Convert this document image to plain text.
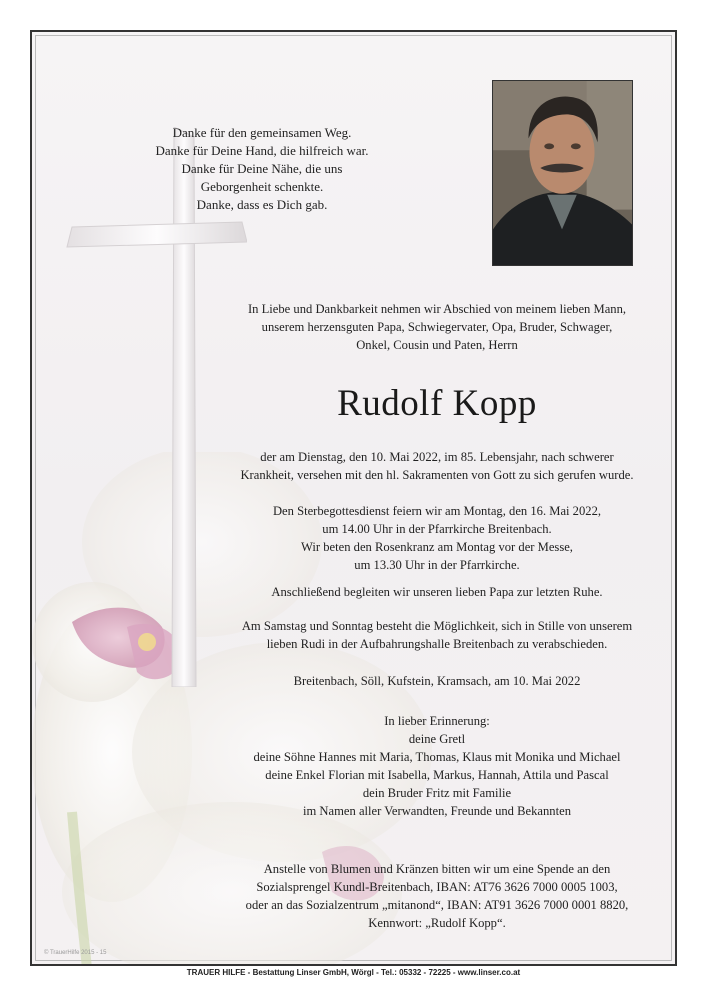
Danke für den gemeinsamen Weg.

Danke für Deine Hand, die hilfreich war.

Danke für Deine Nähe, die uns

Geborgenheit schenkte.

Danke, dass es Dich gab.

In Liebe und Dankbarkeit nehmen wir Abschied von meinem lieben Mann,

unserem herzensguten Papa, Schwiegervater, Opa, Bruder, Schwager,

Onkel, Cousin und Paten, Herrn

Rudolf Kopp

der am Dienstag, den 10. Mai 2022, im 85. Lebensjahr, nach schwerer

Krankheit, versehen mit den hl. Sakramenten von Gott zu sich gerufen wurde.

Den Sterbegottesdienst feiern wir am Montag, den 16. Mai 2022,

um 14.00 Uhr in der Pfarrkirche Breitenbach.

Wir beten den Rosenkranz am Montag vor der Messe,

um 13.30 Uhr in der Pfarrkirche.

Anschließend begleiten wir unseren lieben Papa zur letzten Ruhe.

Am Samstag und Sonntag besteht die Möglichkeit, sich in Stille von unserem

lieben Rudi in der Aufbahrungshalle Breitenbach zu verabschieden.

Breitenbach, Söll, Kufstein, Kramsach, am 10. Mai 2022

In lieber Erinnerung:

deine Gretl

deine Söhne Hannes mit Maria, Thomas, Klaus mit Monika und Michael

deine Enkel Florian mit Isabella, Markus, Hannah, Attila und Pascal

dein Bruder Fritz mit Familie

im Namen aller Verwandten, Freunde und Bekannten

Anstelle von Blumen und Kränzen bitten wir um eine Spende an den

Sozialsprengel Kundl-Breitenbach, IBAN: AT76 3626 7000 0005 1003,

oder an das Sozialzentrum „mitanond“, IBAN: AT91 3626 7000 0001 8820,

Kennwort: „Rudolf Kopp“.

© TrauerHilfe 2015 - 15
TRAUER HILFE - Bestattung Linser GmbH, Wörgl - Tel.: 05332 - 72225 - www.linser.co.at
